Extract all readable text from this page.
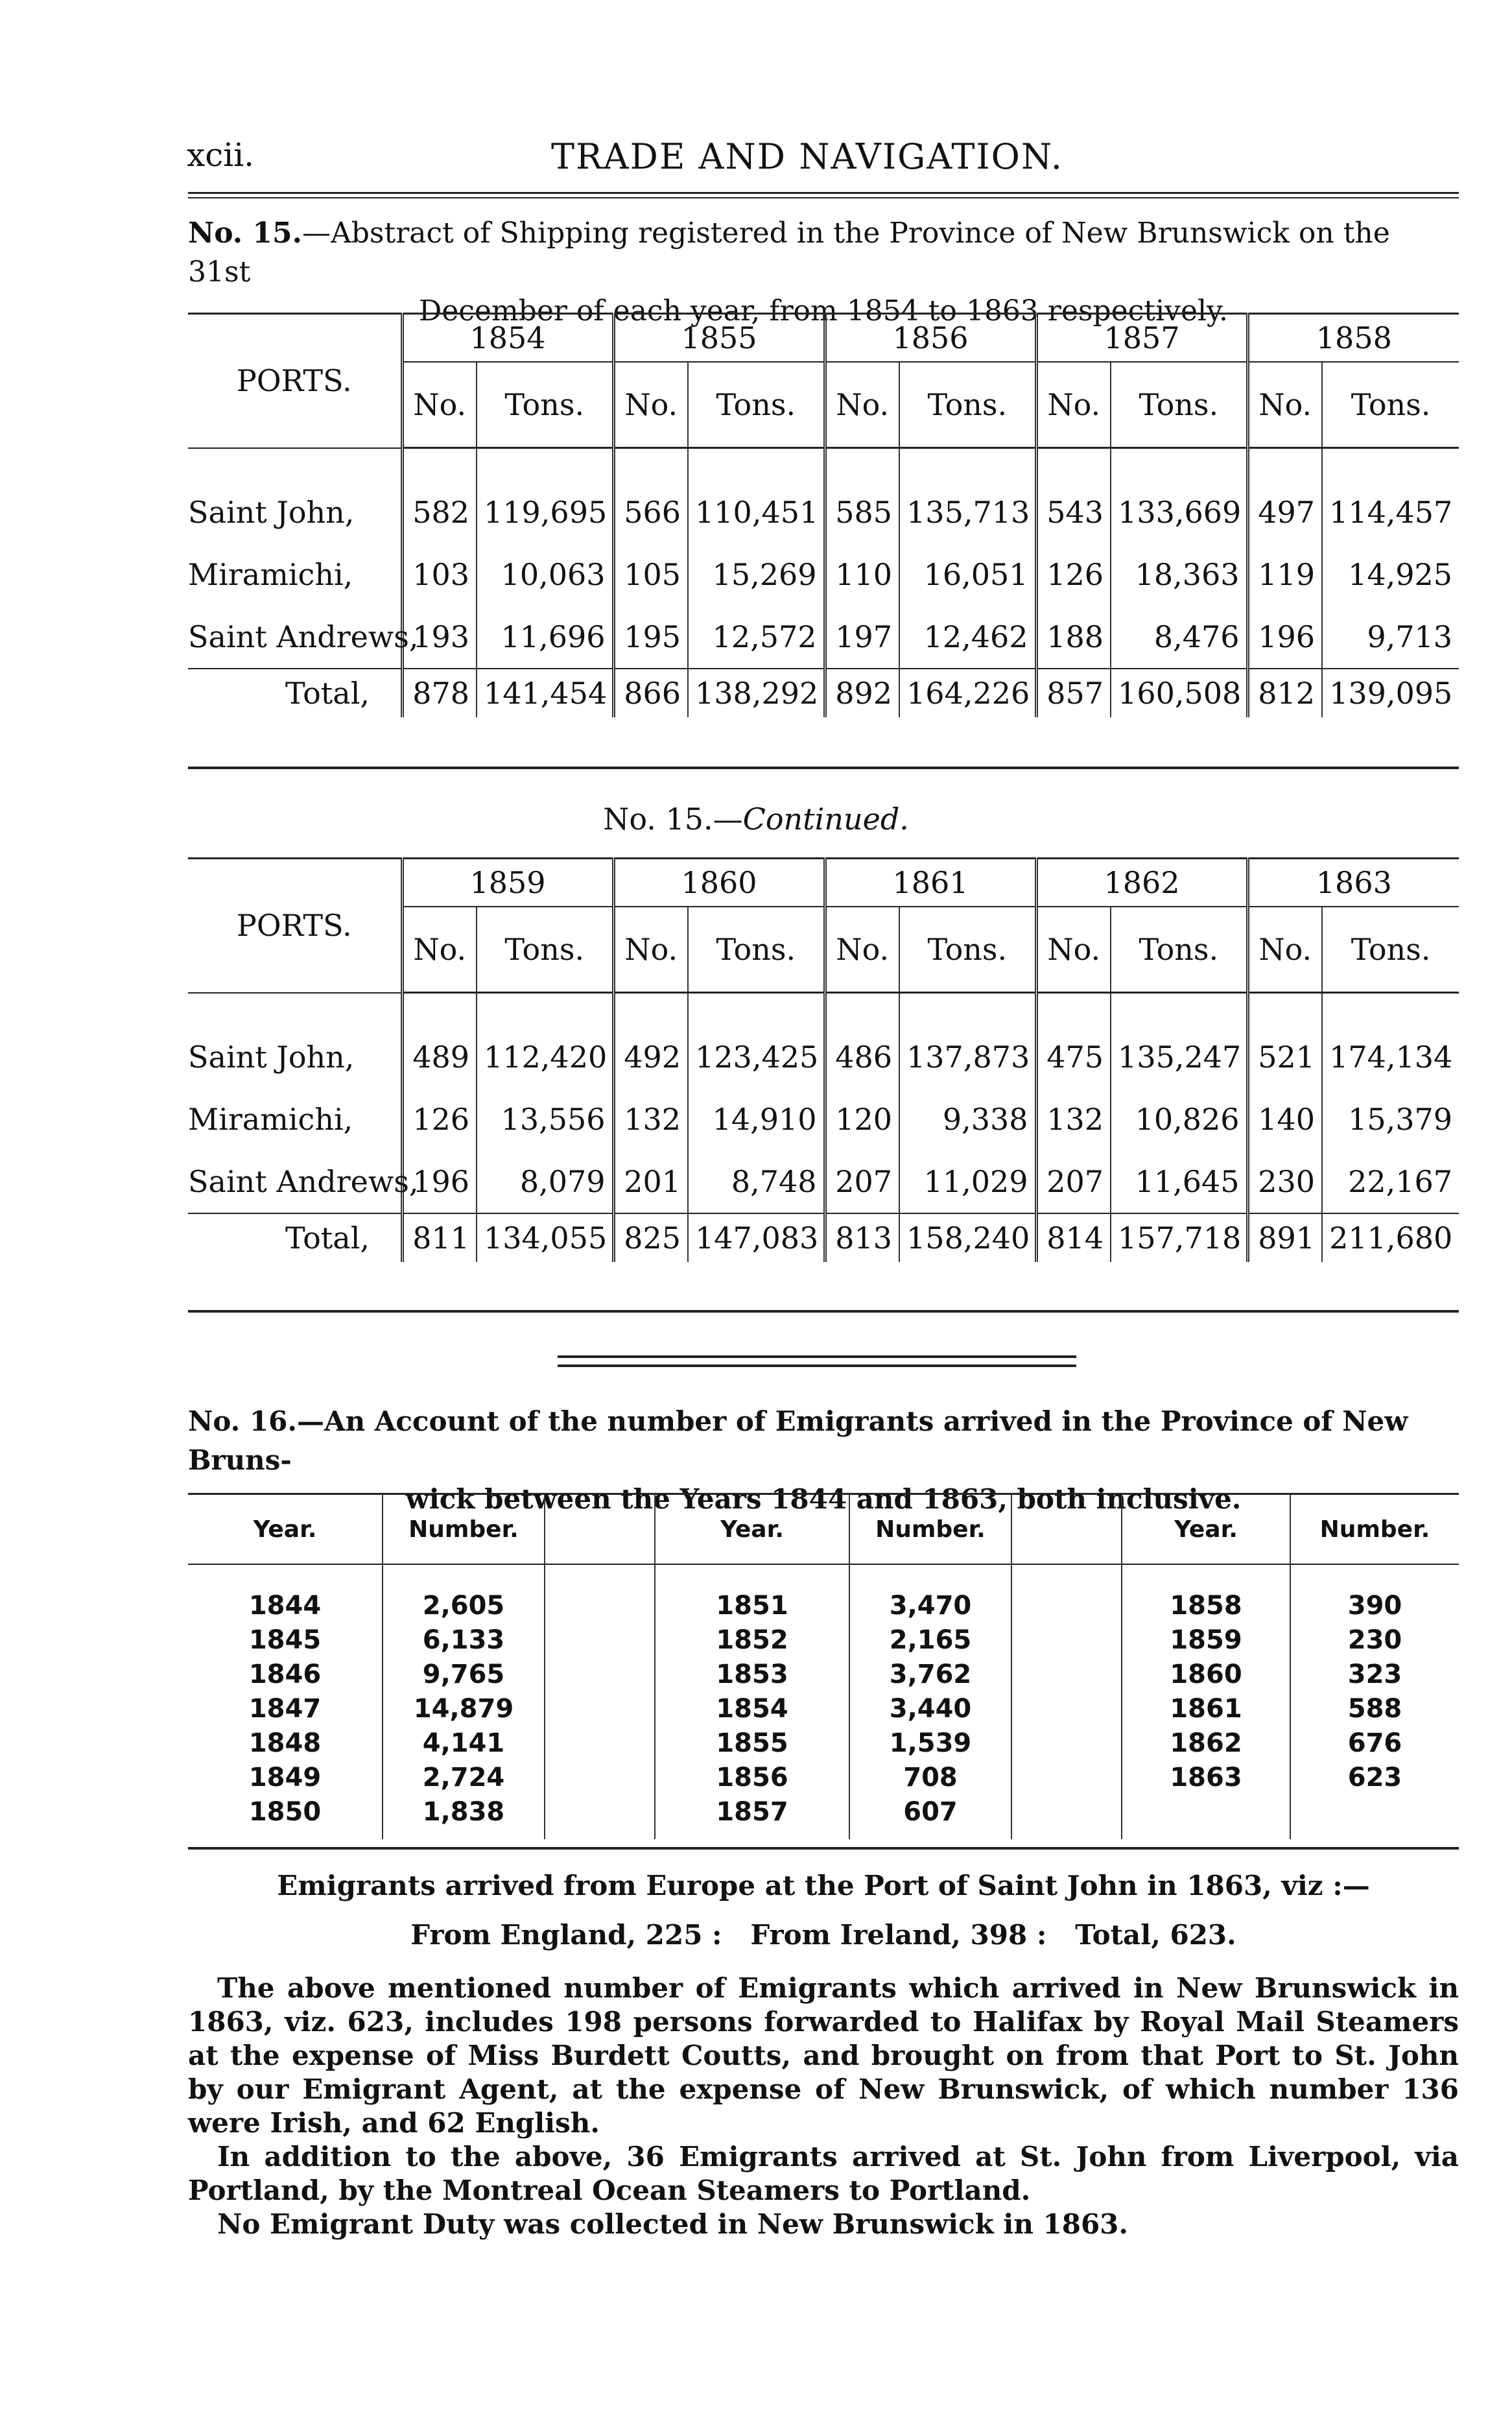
xcii.	TRADE AND NAVIGATION.
No. 15.—Abstract of Shipping registered in the Province of New Brunswick on the 31st
December of each year, from 1854 to 1863 respectively.
PORTS.	1854		1855		1856		1857		1858	
	No.	Tons.	No.	Tons.	No.	Tons.	No.	Tons.	No.	Tons.

Saint John,	582	119,695	566	110,451	585	135,713	543	133,669	497	114,457
Miramichi,	103	10,063	105	15,269	110	16,051	126	18,363	119	14,925
Saint Andrews,	193	11,696	195	12,572	197	12,462	188	8,476	196	9,713
Total,	878	141,454	866	138,292	892	164,226	857	160,508	812	139,095
No. 15.—Continued.
PORTS.	1859		1860		1861		1862		1863	
	No.	Tons.	No.	Tons.	No.	Tons.	No.	Tons.	No.	Tons.

Saint John,	489	112,420	492	123,425	486	137,873	475	135,247	521	174,134
Miramichi,	126	13,556	132	14,910	120	9,338	132	10,826	140	15,379
Saint Andrews,	196	8,079	201	8,748	207	11,029	207	11,645	230	22,167
Total,	811	134,055	825	147,083	813	158,240	814	157,718	891	211,680
No. 16.—An Account of the number of Emigrants arrived in the Province of New Bruns-
wick between the Years 1844 and 1863, both inclusive.
Year.	Number.		Year.	Number.		Year.	Number.
1844	2,605		1851	3,470		1858	390
1845	6,133		1852	2,165		1859	230
1846	9,765		1853	3,762		1860	323
1847	14,879		1854	3,440		1861	588
1848	4,141		1855	1,539		1862	676
1849	2,724		1856	708		1863	623
1850	1,838		1857	607			
Emigrants arrived from Europe at the Port of Saint John in 1863, viz :—
From England, 225 :   From Ireland, 398 :   Total, 623.

The above mentioned number of Emigrants which arrived in New Brunswick in 1863, viz. 623, includes 198 persons forwarded to Halifax by Royal Mail Steamers at the expense of Miss Burdett Coutts, and brought on from that Port to St. John by our Emigrant Agent, at the expense of New Brunswick, of which number 136 were Irish, and 62 English.

In addition to the above, 36 Emigrants arrived at St. John from Liverpool, via Portland, by the Montreal Ocean Steamers to Portland.

No Emigrant Duty was collected in New Brunswick in 1863.
